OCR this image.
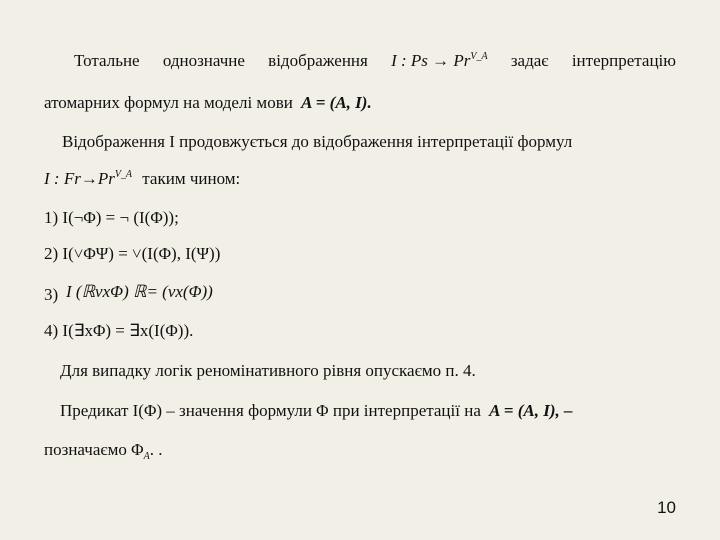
Тотальне однозначне відображення I : $Ps \to Pr^{V\_A}$ задає інтерпретацію
атомарних формул на моделі мови A = (A, I).
Відображення I продовжується до відображення інтерпретації формул
I : $Fr\to Pr^{V\_A}$ таким чином:
1) I(¬Φ) = ¬ (I(Φ));
2) I(˅ΦΨ) = ˅(I(Φ), I(Ψ))
3) I (ℝvxΦ) ℝ= (vx(Φ))
4) I(∃xΦ) = ∃x(I(Φ)).
Для випадку логік реномінативного рівня опускаємо п. 4.
Предикат I(Φ) – значення формули Φ при інтерпретації на A = (A, I), –
позначаємо $\Phi_A$. .
10
